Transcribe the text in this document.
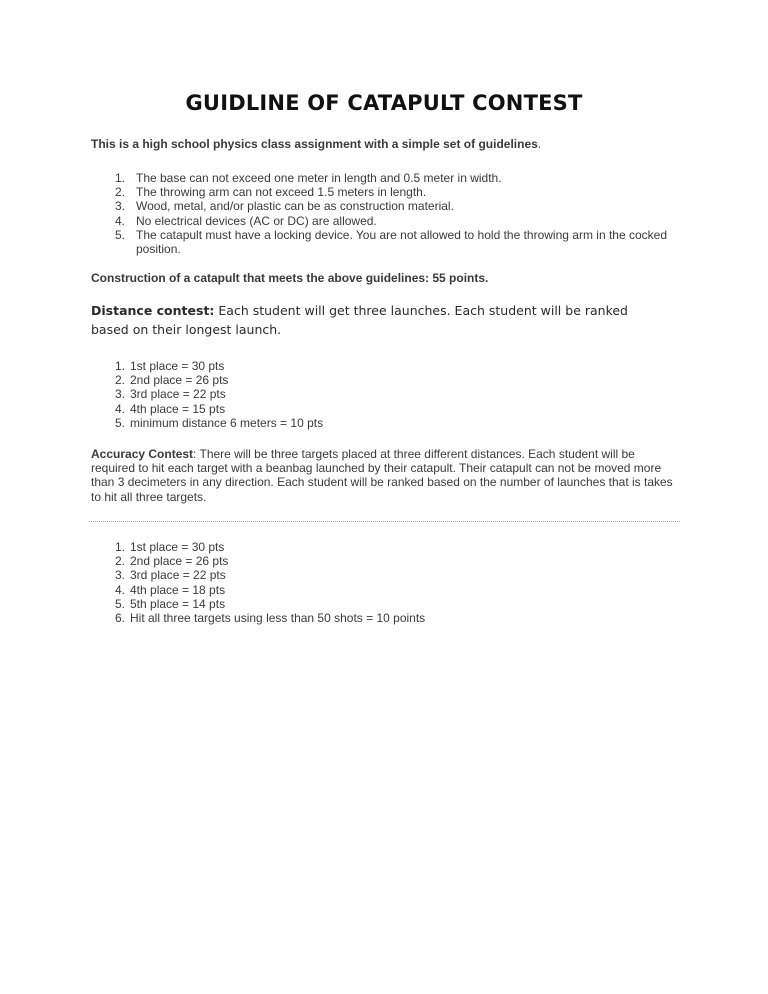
GUIDLINE OF CATAPULT CONTEST
This is a high school physics class assignment with a simple set of guidelines.
1. The base can not exceed one meter in length and 0.5 meter in width.
2. The throwing arm can not exceed 1.5 meters in length.
3. Wood, metal, and/or plastic can be as construction material.
4. No electrical devices (AC or DC) are allowed.
5. The catapult must have a locking device. You are not allowed to hold the throwing arm in the cocked position.
Construction of a catapult that meets the above guidelines: 55 points.
Distance contest: Each student will get three launches. Each student will be ranked based on their longest launch.
1. 1st place = 30 pts
2. 2nd place = 26 pts
3. 3rd place = 22 pts
4. 4th place = 15 pts
5. minimum distance 6 meters = 10 pts
Accuracy Contest: There will be three targets placed at three different distances. Each student will be required to hit each target with a beanbag launched by their catapult. Their catapult can not be moved more than 3 decimeters in any direction. Each student will be ranked based on the number of launches that is takes to hit all three targets.
1. 1st place = 30 pts
2. 2nd place = 26 pts
3. 3rd place = 22 pts
4. 4th place = 18 pts
5. 5th place = 14 pts
6. Hit all three targets using less than 50 shots = 10 points
